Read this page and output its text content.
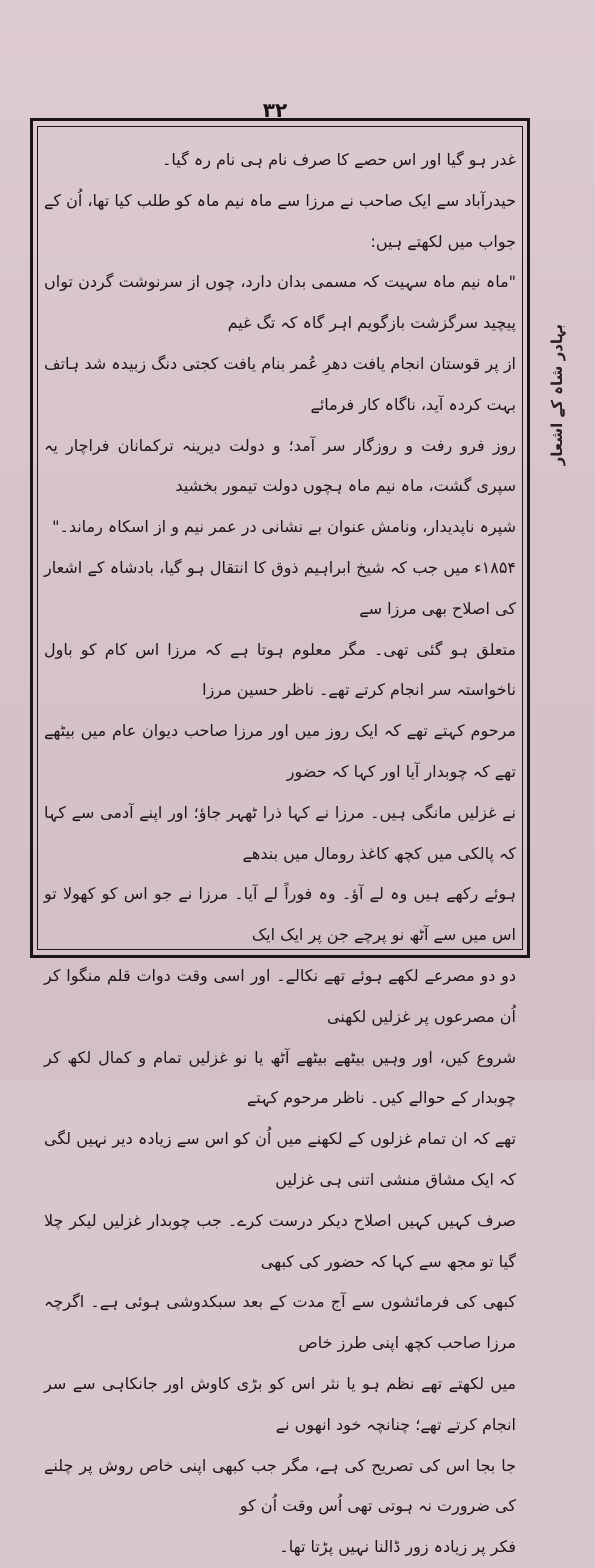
۳۲

غدر ہو گیا اور اس حصے کا صرف نام ہی نام رہ گیا۔

حیدرآباد سے ایک صاحب نے مرزا سے ماہ نیم ماہ کو طلب کیا تھا، اُن کے جواب میں لکھتے ہیں:

"ماہ نیم ماہ سہیت کہ مسمی بدان دارد، چوں از سرنوشت گردن تواں پیچید سرگزشت بازگویم اہر گاہ کہ تگ غیم

از پر قوستان انجام یافت دھرِ عُمر بنام یافت کجتی دنگ زبیدہ شد ہاتف بہت کردہ آید، ناگاہ کار فرمائے

روز فرو رفت و روزگار سر آمد؛ و دولت دیرینہ ترکمانان فراچار یہ سپری گشت، ماہ نیم ماہ ہچوں دولت تیمور بخشید

شپرہ ناپدیدار، ونامش عنوان بے نشانی در عمر نیم و از اسکاہ رماند۔"

۱۸۵۴ء میں جب کہ شیخ ابراہیم ذوق کا انتقال ہو گیا، بادشاہ کے اشعار کی اصلاح بھی مرزا سے

متعلق ہو گئی تھی۔ مگر معلوم ہوتا ہے کہ مرزا اس کام کو باول ناخواستہ سر انجام کرتے تھے۔ ناظر حسین مرزا

مرحوم کہتے تھے کہ ایک روز میں اور مرزا صاحب دیوان عام میں بیٹھے تھے کہ چوبدار آیا اور کہا کہ حضور

نے غزلیں مانگی ہیں۔ مرزا نے کہا ذرا ٹھہر جاؤ؛ اور اپنے آدمی سے کہا کہ پالکی میں کچھ کاغذ رومال میں بندھے

ہوئے رکھے ہیں وہ لے آؤ۔ وہ فوراً لے آیا۔ مرزا نے جو اس کو کھولا تو اس میں سے آٹھ نو پرچے جن پر ایک ایک

دو دو مصرعے لکھے ہوئے تھے نکالے۔ اور اسی وقت دوات قلم منگوا کر اُن مصرعوں پر غزلیں لکھنی

شروع کیں، اور وہیں بیٹھے بیٹھے آٹھ یا نو غزلیں تمام و کمال لکھ کر چوبدار کے حوالے کیں۔ ناظر مرحوم کہتے

تھے کہ ان تمام غزلوں کے لکھنے میں اُن کو اس سے زیادہ دیر نہیں لگی کہ ایک مشاق منشی اتنی ہی غزلیں

صرف کہیں کہیں اصلاح دیکر درست کرے۔ جب چوبدار غزلیں لیکر چلا گیا تو مجھ سے کہا کہ حضور کی کبھی

کبھی کی فرمائشوں سے آج مدت کے بعد سبکدوشی ہوئی ہے۔ اگرچہ مرزا صاحب کچھ اپنی طرز خاص

میں لکھتے تھے نظم ہو یا نثر اس کو بڑی کاوش اور جانکاہی سے سر انجام کرتے تھے؛ چنانچہ خود انھوں نے

جا بجا اس کی تصریح کی ہے، مگر جب کبھی اپنی خاص روش پر چلنے کی ضرورت نہ ہوتی تھی اُس وقت اُن کو

فکر پر زیادہ زور ڈالنا نہیں پڑتا تھا۔

بہادر شاہ کے اشعار
